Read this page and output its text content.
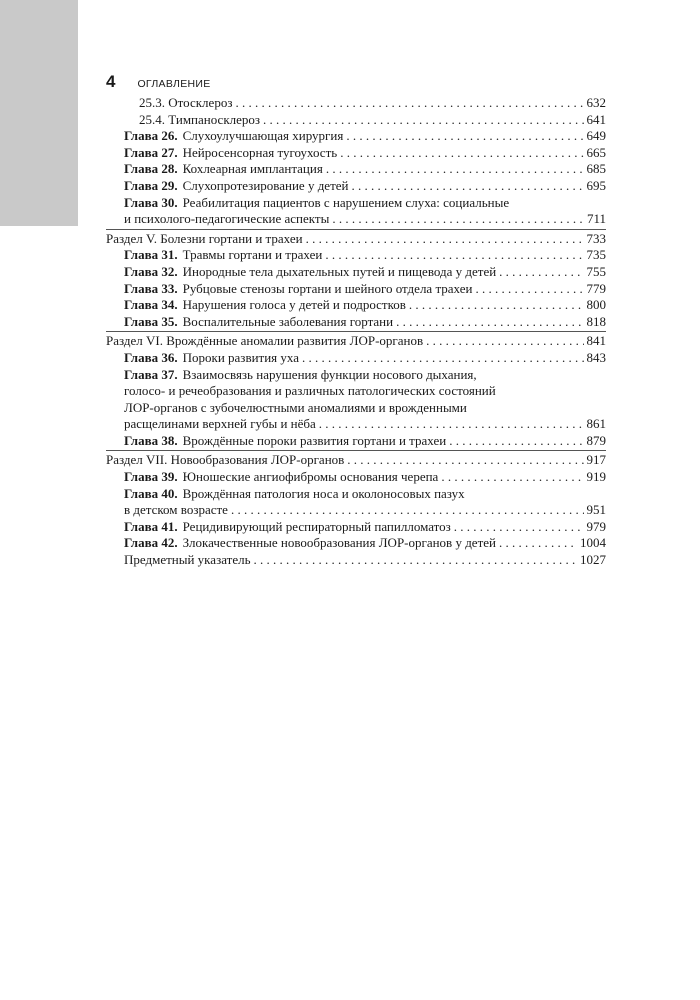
4 ОГЛАВЛЕНИЕ
25.3. Отосклероз . . .	632
25.4. Тимпаносклероз . . .	641
Глава 26. Слухоулучшающая хирургия . . .	649
Глава 27. Нейросенсорная тугоухость . . .	665
Глава 28. Кохлеарная имплантация . . .	685
Глава 29. Слухопротезирование у детей . . .	695
Глава 30. Реабилитация пациентов с нарушением слуха: социальные
и психолого-педагогические аспекты . . .	711
Раздел V. Болезни гортани и трахеи . . .	733
Глава 31. Травмы гортани и трахеи . . .	735
Глава 32. Инородные тела дыхательных путей и пищевода у детей . . .	755
Глава 33. Рубцовые стенозы гортани и шейного отдела трахеи . . .	779
Глава 34. Нарушения голоса у детей и подростков . . .	800
Глава 35. Воспалительные заболевания гортани . . .	818
Раздел VI. Врождённые аномалии развития ЛОР-органов . . .	841
Глава 36. Пороки развития уха . . .	843
Глава 37. Взаимосвязь нарушения функции носового дыхания,
голосо- и речеобразования и различных патологических состояний
ЛОР-органов с зубочелюстными аномалиями и врожденными
расщелинами верхней губы и нёба . . .	861
Глава 38. Врождённые пороки развития гортани и трахеи . . .	879
Раздел VII. Новообразования ЛОР-органов . . .	917
Глава 39. Юношеские ангиофибромы основания черепа . . .	919
Глава 40. Врождённая патология носа и околоносовых пазух
в детском возрасте . . .	951
Глава 41. Рецидивирующий респираторный папилломатоз . . .	979
Глава 42. Злокачественные новообразования ЛОР-органов у детей . . .	1004
Предметный указатель . . .	1027
